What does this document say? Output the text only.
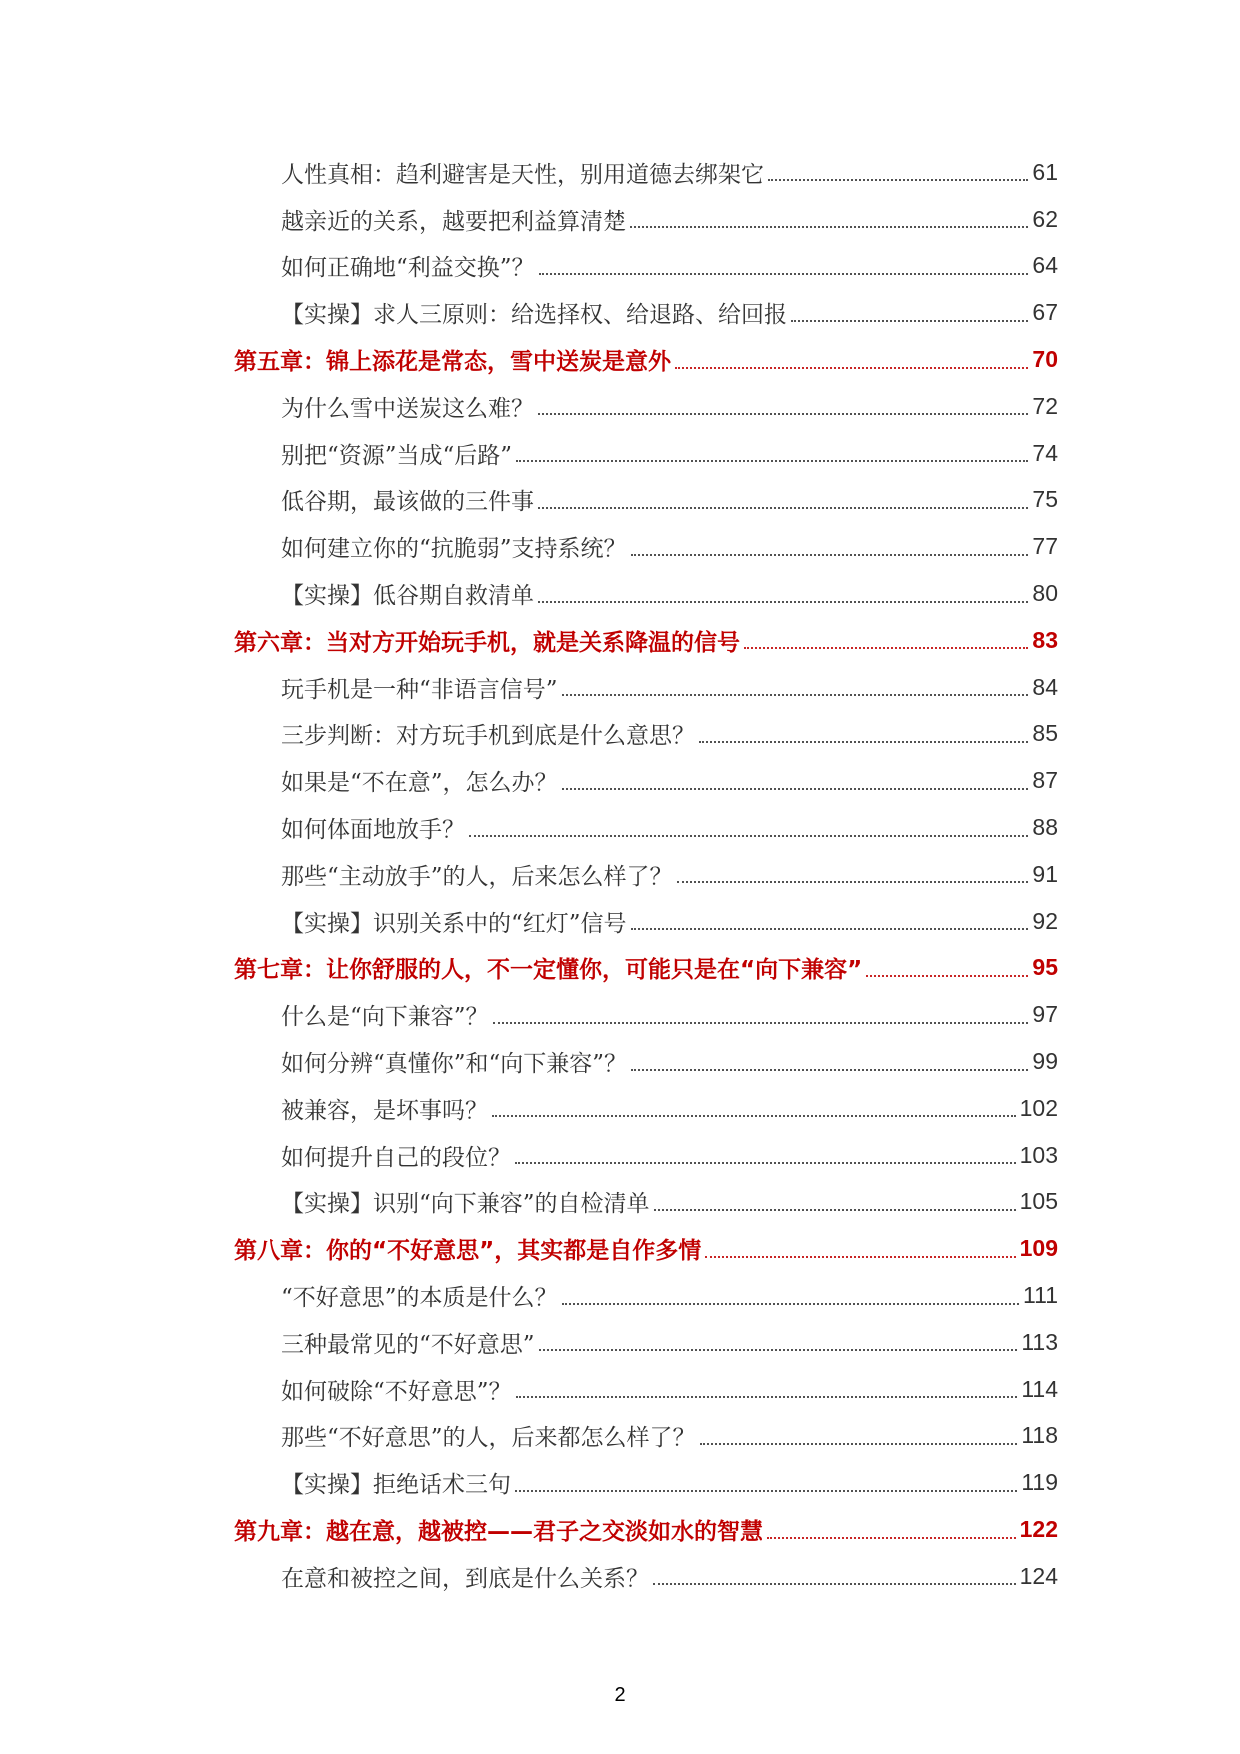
人性真相：趋利避害是天性，别用道德去绑架它	61
越亲近的关系，越要把利益算清楚	62
如何正确地“利益交换”？	64
【实操】求人三原则：给选择权、给退路、给回报	67
第五章：锦上添花是常态，雪中送炭是意外	70
为什么雪中送炭这么难？	72
别把“资源”当成“后路”	74
低谷期，最该做的三件事	75
如何建立你的“抗脆弱”支持系统？	77
【实操】低谷期自救清单	80
第六章：当对方开始玩手机，就是关系降温的信号	83
玩手机是一种“非语言信号”	84
三步判断：对方玩手机到底是什么意思？	85
如果是“不在意”，怎么办？	87
如何体面地放手？	88
那些“主动放手”的人，后来怎么样了？	91
【实操】识别关系中的“红灯”信号	92
第七章：让你舒服的人，不一定懂你，可能只是在“向下兼容”	95
什么是“向下兼容”？	97
如何分辨“真懂你”和“向下兼容”？	99
被兼容，是坏事吗？	102
如何提升自己的段位？	103
【实操】识别“向下兼容”的自检清单	105
第八章：你的“不好意思”，其实都是自作多情	109
“不好意思”的本质是什么？	111
三种最常见的“不好意思”	113
如何破除“不好意思”？	114
那些“不好意思”的人，后来都怎么样了？	118
【实操】拒绝话术三句	119
第九章：越在意，越被控——君子之交淡如水的智慧	122
在意和被控之间，到底是什么关系？	124
2
